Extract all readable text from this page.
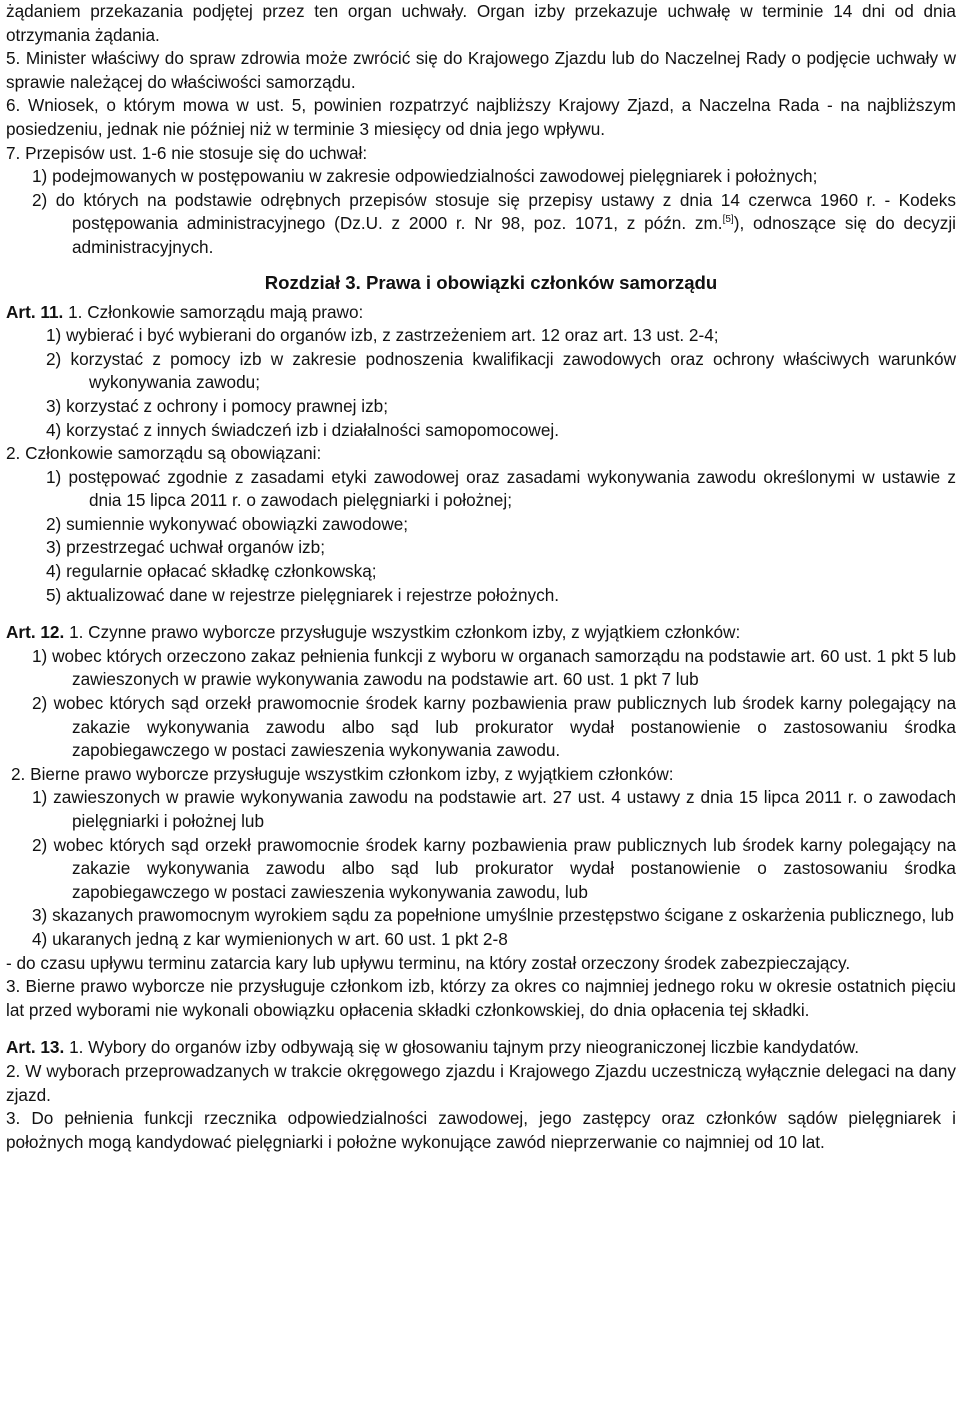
żądaniem przekazania podjętej przez ten organ uchwały. Organ izby przekazuje uchwałę w terminie 14 dni od dnia otrzymania żądania.

5. Minister właściwy do spraw zdrowia może zwrócić się do Krajowego Zjazdu lub do Naczelnej Rady o podjęcie uchwały w sprawie należącej do właściwości samorządu.

6. Wniosek, o którym mowa w ust. 5, powinien rozpatrzyć najbliższy Krajowy Zjazd, a Naczelna Rada - na najbliższym posiedzeniu, jednak nie później niż w terminie 3 miesięcy od dnia jego wpływu.

7. Przepisów ust. 1-6 nie stosuje się do uchwał:

1) podejmowanych w postępowaniu w zakresie odpowiedzialności zawodowej pielęgniarek i położnych;

2) do których na podstawie odrębnych przepisów stosuje się przepisy ustawy z dnia 14 czerwca 1960 r. - Kodeks postępowania administracyjnego (Dz.U. z 2000 r. Nr 98, poz. 1071, z późn. zm.[5]), odnoszące się do decyzji administracyjnych.

Rozdział 3. Prawa i obowiązki członków samorządu

Art. 11. 1. Członkowie samorządu mają prawo:

1) wybierać i być wybierani do organów izb, z zastrzeżeniem art. 12 oraz art. 13 ust. 2-4;

2) korzystać z pomocy izb w zakresie podnoszenia kwalifikacji zawodowych oraz ochrony właściwych warunków wykonywania zawodu;

3) korzystać z ochrony i pomocy prawnej izb;

4) korzystać z innych świadczeń izb i działalności samopomocowej.

2. Członkowie samorządu są obowiązani:

1) postępować zgodnie z zasadami etyki zawodowej oraz zasadami wykonywania zawodu określonymi w ustawie z dnia 15 lipca 2011 r. o zawodach pielęgniarki i położnej;

2) sumiennie wykonywać obowiązki zawodowe;

3) przestrzegać uchwał organów izb;

4) regularnie opłacać składkę członkowską;

5) aktualizować dane w rejestrze pielęgniarek i rejestrze położnych.

Art. 12. 1. Czynne prawo wyborcze przysługuje wszystkim członkom izby, z wyjątkiem członków:

1) wobec których orzeczono zakaz pełnienia funkcji z wyboru w organach samorządu na podstawie art. 60 ust. 1 pkt 5 lub zawieszonych w prawie wykonywania zawodu na podstawie art. 60 ust. 1 pkt 7 lub

2) wobec których sąd orzekł prawomocnie środek karny pozbawienia praw publicznych lub środek karny polegający na zakazie wykonywania zawodu albo sąd lub prokurator wydał postanowienie o zastosowaniu środka zapobiegawczego w postaci zawieszenia wykonywania zawodu.

2. Bierne prawo wyborcze przysługuje wszystkim członkom izby, z wyjątkiem członków:

1) zawieszonych w prawie wykonywania zawodu na podstawie art. 27 ust. 4 ustawy z dnia 15 lipca 2011 r. o zawodach pielęgniarki i położnej lub

2) wobec których sąd orzekł prawomocnie środek karny pozbawienia praw publicznych lub środek karny polegający na zakazie wykonywania zawodu albo sąd lub prokurator wydał postanowienie o zastosowaniu środka zapobiegawczego w postaci zawieszenia wykonywania zawodu, lub

3) skazanych prawomocnym wyrokiem sądu za popełnione umyślnie przestępstwo ścigane z oskarżenia publicznego, lub

4) ukaranych jedną z kar wymienionych w art. 60 ust. 1 pkt 2-8

- do czasu upływu terminu zatarcia kary lub upływu terminu, na który został orzeczony środek zabezpieczający.

3. Bierne prawo wyborcze nie przysługuje członkom izb, którzy za okres co najmniej jednego roku w okresie ostatnich pięciu lat przed wyborami nie wykonali obowiązku opłacenia składki członkowskiej, do dnia opłacenia tej składki.

Art. 13. 1. Wybory do organów izby odbywają się w głosowaniu tajnym przy nieograniczonej liczbie kandydatów.

2. W wyborach przeprowadzanych w trakcie okręgowego zjazdu i Krajowego Zjazdu uczestniczą wyłącznie delegaci na dany zjazd.

3. Do pełnienia funkcji rzecznika odpowiedzialności zawodowej, jego zastępcy oraz członków sądów pielęgniarek i położnych mogą kandydować pielęgniarki i położne wykonujące zawód nieprzerwanie co najmniej od 10 lat.
